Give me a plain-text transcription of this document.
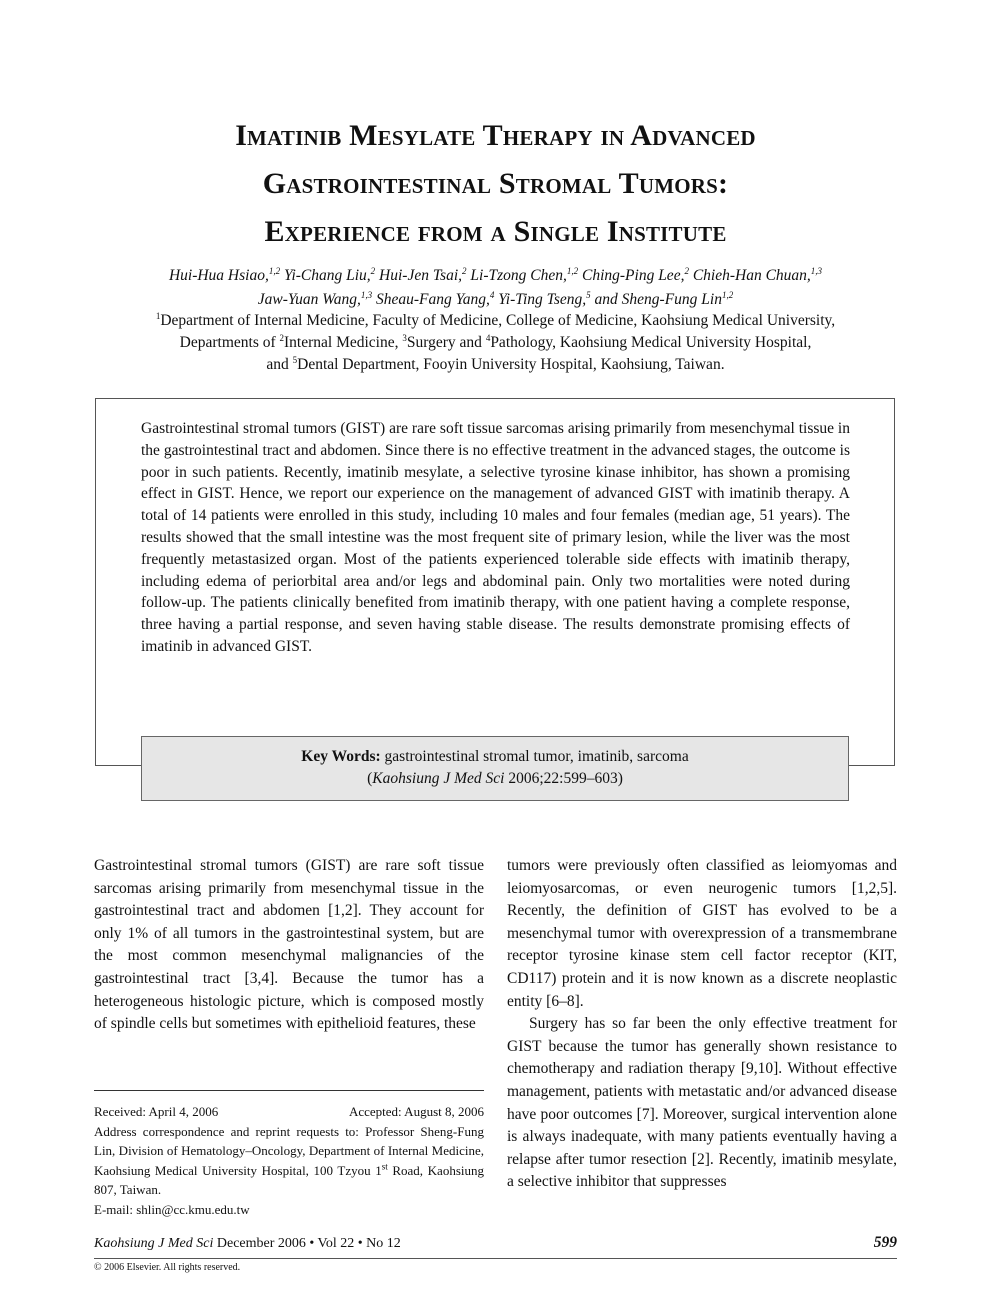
Imatinib Mesylate Therapy in Advanced
Gastrointestinal Stromal Tumors:
Experience from a Single Institute
Hui-Hua Hsiao,$^{1,2}$ Yi-Chang Liu,$^2$ Hui-Jen Tsai,$^2$ Li-Tzong Chen,$^{1,2}$ Ching-Ping Lee,$^2$ Chieh-Han Chuan,$^{1,3}$
Jaw-Yuan Wang,$^{1,3}$ Sheau-Fang Yang,$^4$ Yi-Ting Tseng,$^5$ and Sheng-Fung Lin$^{1,2}$
$^1$Department of Internal Medicine, Faculty of Medicine, College of Medicine, Kaohsiung Medical University,
Departments of $^2$Internal Medicine, $^3$Surgery and $^4$Pathology, Kaohsiung Medical University Hospital,
and $^5$Dental Department, Fooyin University Hospital, Kaohsiung, Taiwan.
Gastrointestinal stromal tumors (GIST) are rare soft tissue sarcomas arising primarily from mesenchymal tissue in the gastrointestinal tract and abdomen. Since there is no effective treatment in the advanced stages, the outcome is poor in such patients. Recently, imatinib mesylate, a selective tyrosine kinase inhibitor, has shown a promising effect in GIST. Hence, we report our experience on the management of advanced GIST with imatinib therapy. A total of 14 patients were enrolled in this study, including 10 males and four females (median age, 51 years). The results showed that the small intestine was the most frequent site of primary lesion, while the liver was the most frequently metastasized organ. Most of the patients experienced tolerable side effects with imatinib therapy, including edema of periorbital area and/or legs and abdominal pain. Only two mortalities were noted during follow-up. The patients clinically benefited from imatinib therapy, with one patient having a complete response, three having a partial response, and seven having stable disease. The results demonstrate promising effects of imatinib in advanced GIST.
Key Words: gastrointestinal stromal tumor, imatinib, sarcoma
(Kaohsiung J Med Sci 2006;22:599–603)

Gastrointestinal stromal tumors (GIST) are rare soft tissue sarcomas arising primarily from mesenchymal tissue in the gastrointestinal tract and abdomen [1,2]. They account for only 1% of all tumors in the gastrointestinal system, but are the most common mesenchymal malignancies of the gastrointestinal tract [3,4]. Because the tumor has a heterogeneous histologic picture, which is composed mostly of spindle cells but sometimes with epithelioid features, these

tumors were previously often classified as leiomyomas and leiomyosarcomas, or even neurogenic tumors [1,2,5]. Recently, the definition of GIST has evolved to be a mesenchymal tumor with overexpression of a transmembrane receptor tyrosine kinase stem cell factor receptor (KIT, CD117) protein and it is now known as a discrete neoplastic entity [6–8].

Surgery has so far been the only effective treatment for GIST because the tumor has generally shown resistance to chemotherapy and radiation therapy [9,10]. Without effective management, patients with metastatic and/or advanced disease have poor outcomes [7]. Moreover, surgical intervention alone is always inadequate, with many patients eventually having a relapse after tumor resection [2]. Recently, imatinib mesylate, a selective inhibitor that suppresses

Received: April 4, 2006	Accepted: August 8, 2006
Address correspondence and reprint requests to: Professor Sheng-Fung Lin, Division of Hematology–Oncology, Department of Internal Medicine, Kaohsiung Medical University Hospital, 100 Tzyou 1st Road, Kaohsiung 807, Taiwan.
E-mail: shlin@cc.kmu.edu.tw
Kaohsiung J Med Sci December 2006 • Vol 22 • No 12	599
© 2006 Elsevier. All rights reserved.
